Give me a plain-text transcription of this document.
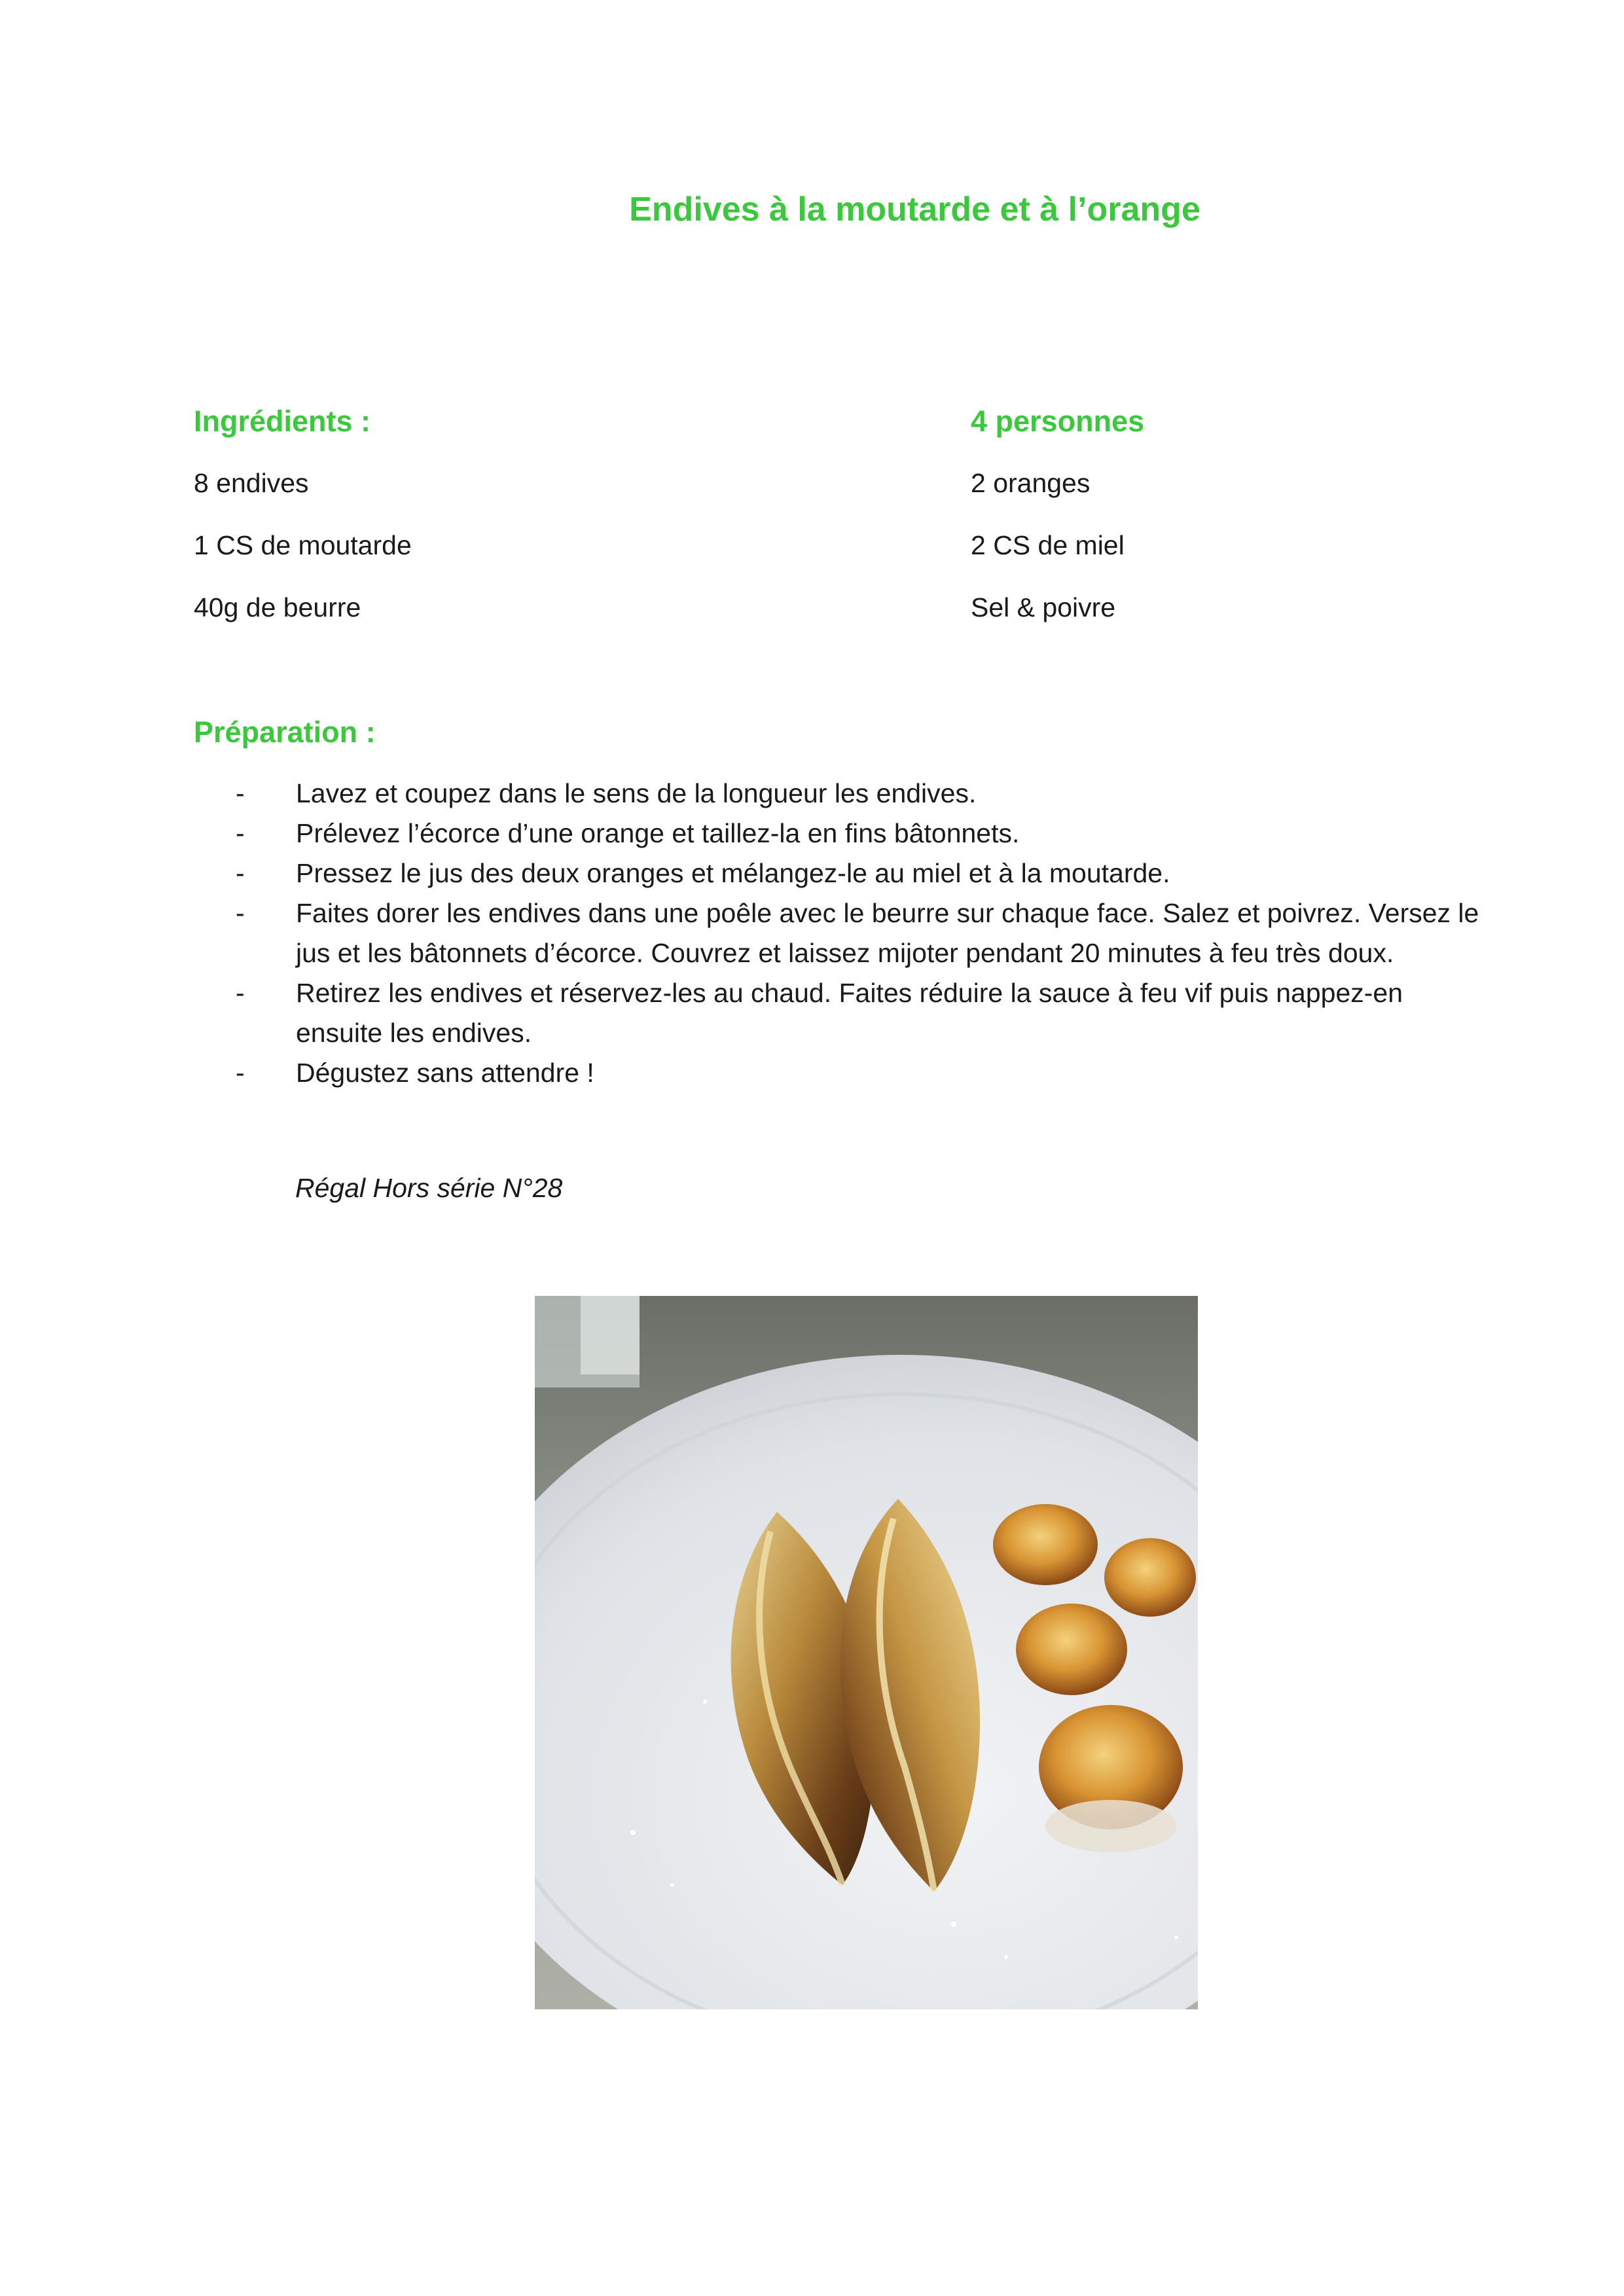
Endives à la moutarde et à l’orange
Ingrédients :	4 personnes
8 endives
1 CS de moutarde
40g de beurre
2 oranges
2 CS de miel
Sel & poivre
Préparation :
- Lavez et coupez dans le sens de la longueur les endives.
- Prélevez l’écorce d’une orange et taillez-la en fins bâtonnets.
- Pressez le jus des deux oranges et mélangez-le au miel et à la moutarde.
- Faites dorer les endives dans une poêle avec le beurre sur chaque face. Salez et poivrez. Versez le jus et les bâtonnets d’écorce. Couvrez et laissez mijoter pendant 20 minutes à feu très doux.
- Retirez les endives et réservez-les au chaud. Faites réduire la sauce à feu vif puis nappez-en ensuite les endives.
- Dégustez sans attendre !
Régal Hors série N°28
